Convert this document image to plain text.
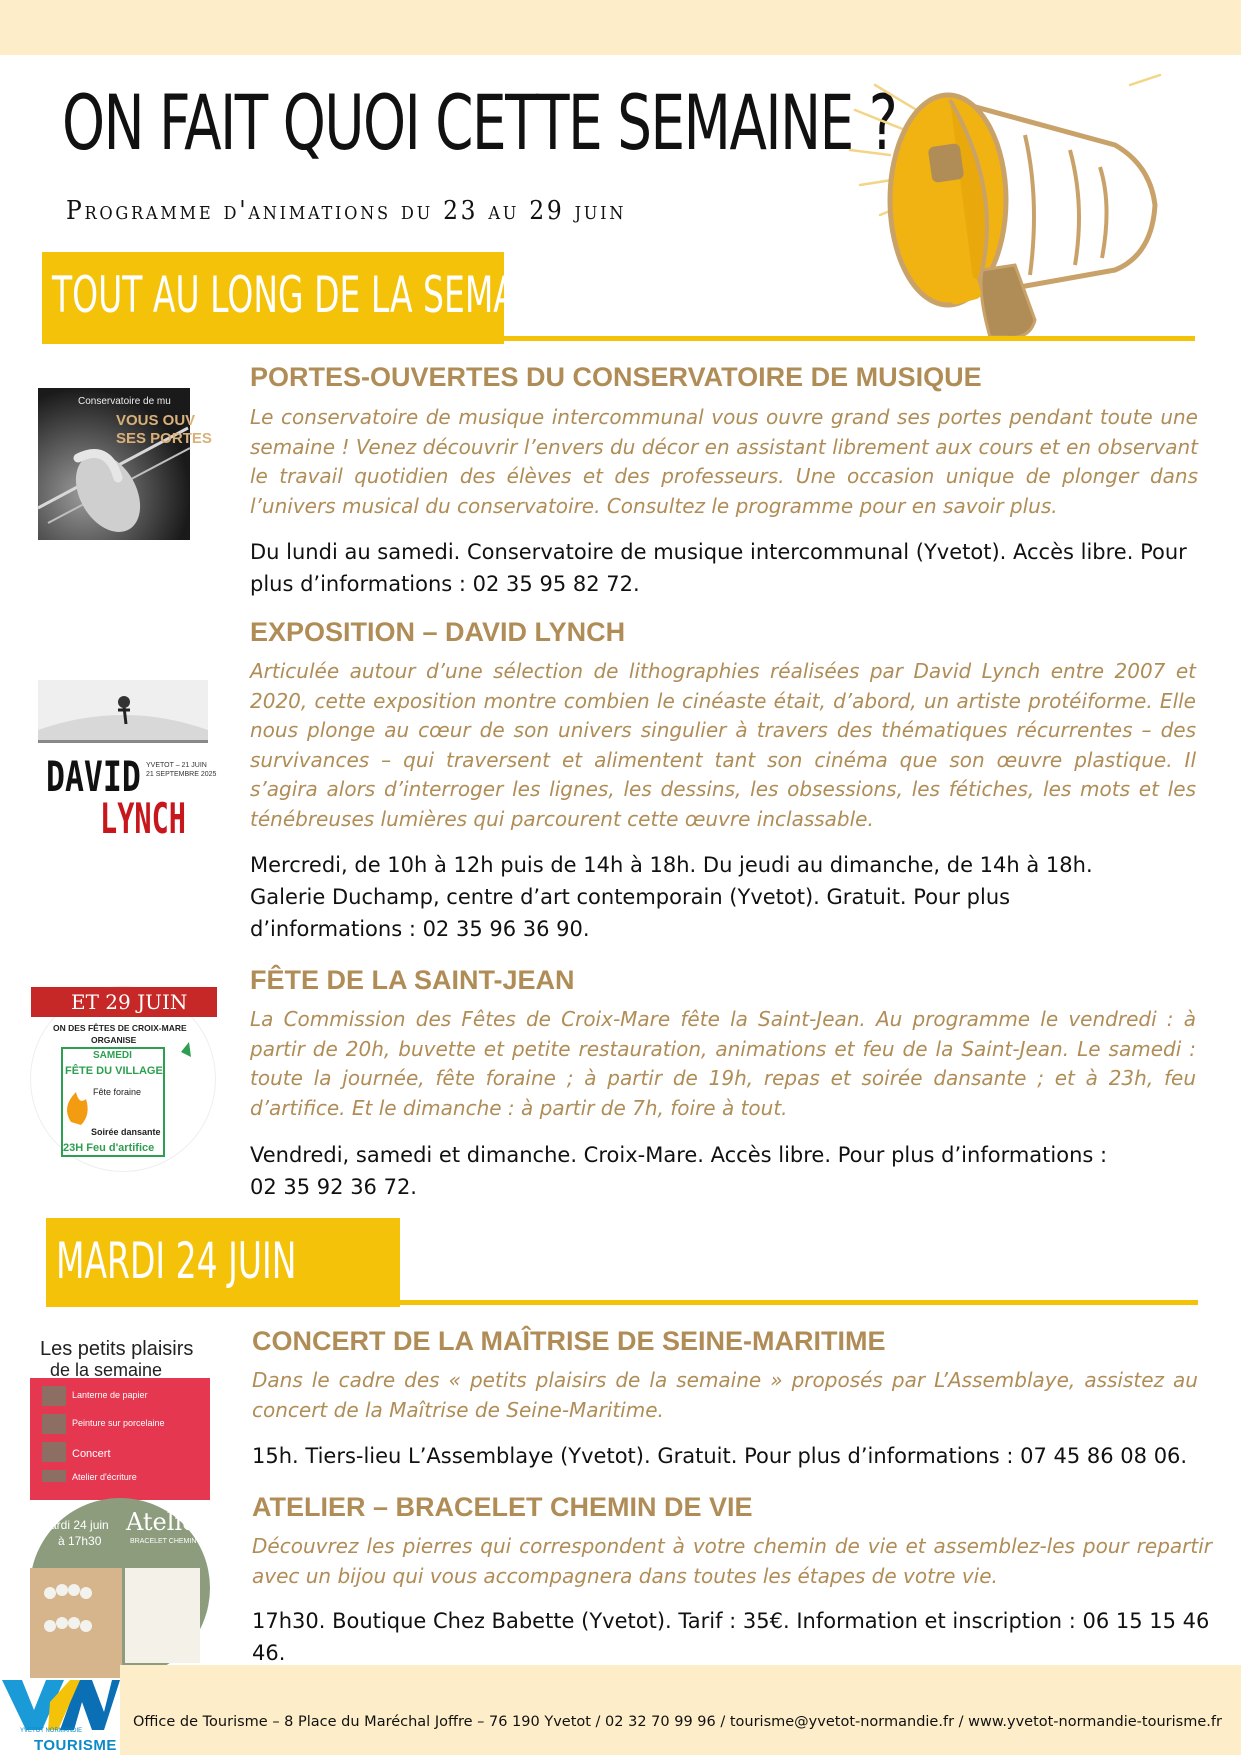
ON FAIT QUOI CETTE SEMAINE ?
Programme d'animations du 23 au 29 juin
TOUT AU LONG DE LA SEMAINE
Conservatoire de mu
VOUS OUV
SES PORTES
PORTES-OUVERTES DU CONSERVATOIRE DE MUSIQUE

Le conservatoire de musique intercommunal vous ouvre grand ses portes pendant toute une semaine ! Venez découvrir l’envers du décor en assistant librement aux cours et en observant le travail quotidien des élèves et des professeurs. Une occasion unique de plonger dans l’univers musical du conservatoire. Consultez le programme pour en savoir plus.

Du lundi au samedi. Conservatoire de musique intercommunal (Yvetot). Accès libre. Pour plus d’informations : 02 35 95 82 72.

DAVID
LYNCH
YVETOT – 21 JUIN
21 SEPTEMBRE 2025
EXPOSITION – DAVID LYNCH

Articulée autour d’une sélection de lithographies réalisées par David Lynch entre 2007 et 2020, cette exposition montre combien le cinéaste était, d’abord, un artiste protéiforme. Elle nous plonge au cœur de son univers singulier à travers des thématiques récurrentes – des survivances – qui traversent et alimentent tant son cinéma que son œuvre plastique. Il s’agira alors d’interroger les lignes, les dessins, les obsessions, les fétiches, les mots et les ténébreuses lumières qui parcourent cette œuvre inclassable.

Mercredi, de 10h à 12h puis de 14h à 18h. Du jeudi au dimanche, de 14h à 18h. Galerie Duchamp, centre d’art contemporain (Yvetot). Gratuit. Pour plus d’informations : 02 35 96 36 90.

ET 29 JUIN
ON DES FÊTES DE CROIX-MARE
ORGANISE
SAMEDI
FÊTE DU VILLAGE
Fête foraine
Soirée dansante
23H Feu d'artifice
FÊTE DE LA SAINT-JEAN

La Commission des Fêtes de Croix-Mare fête la Saint-Jean. Au programme le vendredi : à partir de 20h, buvette et petite restauration, animations et feu de la Saint-Jean. Le samedi : toute la journée, fête foraine ; à partir de 19h, repas et soirée dansante ; et à 23h, feu d’artifice. Et le dimanche : à partir de 7h, foire à tout.

Vendredi, samedi et dimanche. Croix-Mare. Accès libre. Pour plus d’informations : 02 35 92 36 72.

MARDI 24 JUIN
Les petits plaisirs
de la semaine
Lanterne de papier
Peinture sur porcelaine
Concert
Atelier d'écriture
CONCERT DE LA MAÎTRISE DE SEINE-MARITIME

Dans le cadre des « petits plaisirs de la semaine » proposés par L’Assemblaye, assistez au concert de la Maîtrise de Seine-Maritime.

15h. Tiers-lieu L’Assemblaye (Yvetot). Gratuit. Pour plus d’informations : 07 45 86 08 06.

ardi 24 juin
à 17h30
Atelier
BRACELET CHEMIN DE VIE
ATELIER – BRACELET CHEMIN DE VIE

Découvrez les pierres qui correspondent à votre chemin de vie et assemblez-les pour repartir avec un bijou qui vous accompagnera dans toutes les étapes de votre vie.

17h30. Boutique Chez Babette (Yvetot). Tarif : 35€. Information et inscription : 06 15 15 46 46.

YN
YVETOT NORMANDIE
TOURISME
Office de Tourisme – 8 Place du Maréchal Joffre – 76 190 Yvetot / 02 32 70 99 96 / tourisme@yvetot-normandie.fr / www.yvetot-normandie-tourisme.fr
